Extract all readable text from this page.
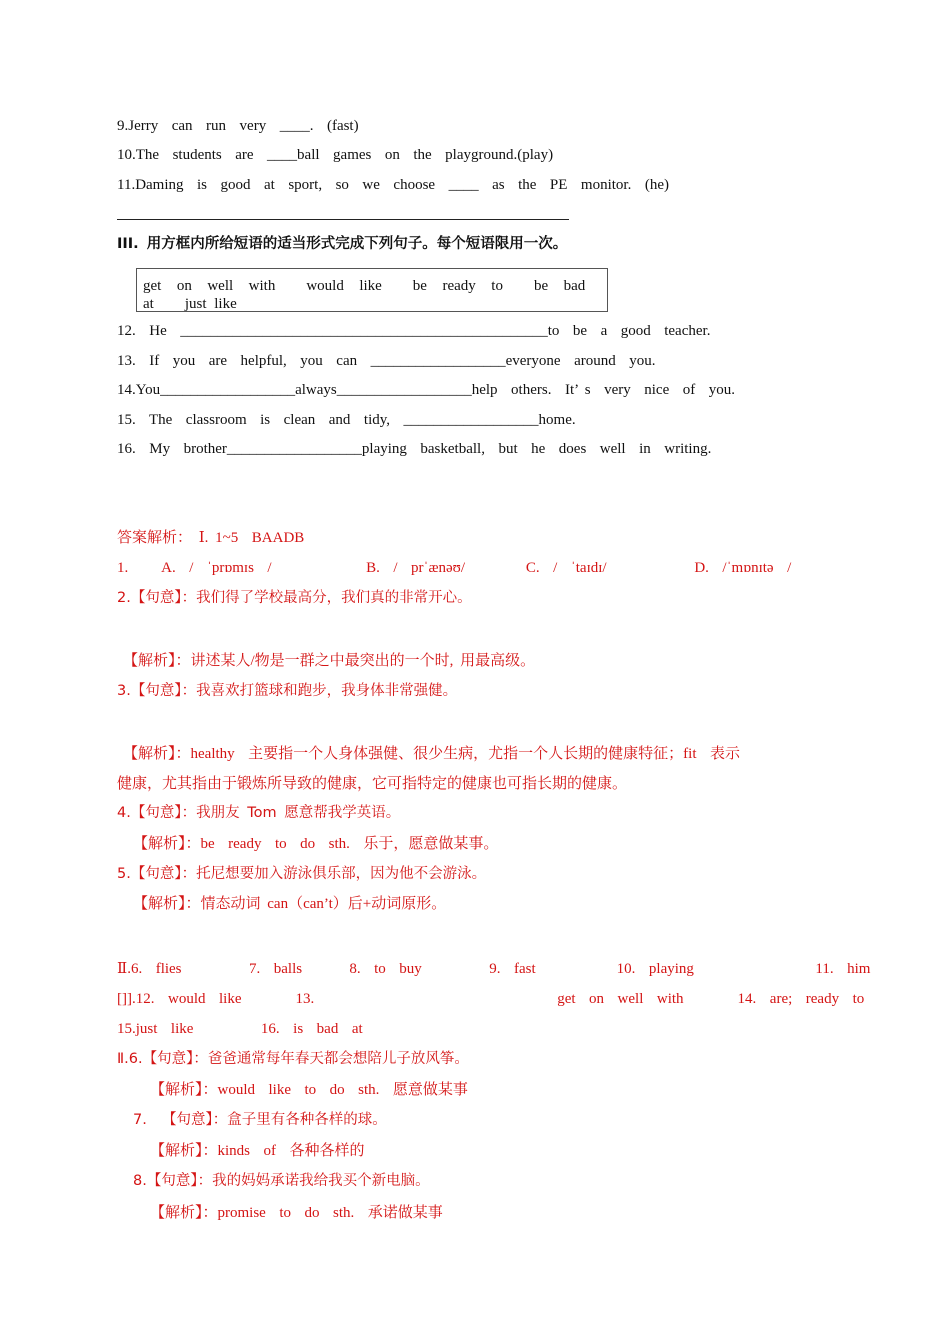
9.Jerry  can  run  very  ____.  (fast)
10.The  students  are  ____ball  games  on  the  playground.(play)
11.Daming  is  good  at  sport,  so  we  choose  ____  as  the  PE  monitor.  (he)
III. 用方框内所给短语的适当形式完成下列句子。每个短语限用一次。
get  on  well  with    would  like    be  ready  to    be  bad  at    just like
12.  He  _________________________________________________to  be  a  good  teacher.
13.  If  you  are  helpful,  you  can  __________________everyone  around  you.
14.You__________________always__________________help  others.  It’ s  very  nice  of  you.
15.  The  classroom  is  clean  and  tidy,  __________________home.
16.  My  brother__________________playing  basketball,  but  he  does  well  in  writing.
答案解析： Ⅰ. 1~5  BAADB
1.     A.  /  ˈprɒmɪs  /              B.  /  prˈænəʊ/         C.  /  ˈtaɪdɪ/             D.  /ˈmɒnɪtə  /
2.【句意】：我们得了学校最高分，我们真的非常开心。
【解析】：讲述某人/物是一群之中最突出的一个时, 用最高级。
3.【句意】：我喜欢打篮球和跑步，我身体非常强健。
【解析】：healthy  主要指一个人身体强健、很少生病，尤指一个人长期的健康特征；fit  表示
健康，尤其指由于锻炼所导致的健康，它可指特定的健康也可指长期的健康。
4.【句意】：我朋友 Tom 愿意帮我学英语。
【解析】：be  ready  to  do  sth.  乐于，愿意做某事。
5.【句意】：托尼想要加入游泳俱乐部，因为他不会游泳。
【解析】：情态动词 can（can’t）后+动词原形。
Ⅱ.6.  flies          7.  balls       8.  to  buy          9.  fast            10.  playing                  11.  him
[]].12.  would  like        13.                                    get  on  well  with        14.  are;  ready  to
15.just  like          16.  is  bad  at
Ⅱ.6.【句意】：爸爸通常每年春天都会想陪儿子放风筝。
【解析】：would  like  to  do  sth.  愿意做某事
7.  【句意】：盒子里有各种各样的球。
【解析】：kinds  of  各种各样的
8.【句意】：我的妈妈承诺我给我买个新电脑。
【解析】：promise  to  do  sth.  承诺做某事
